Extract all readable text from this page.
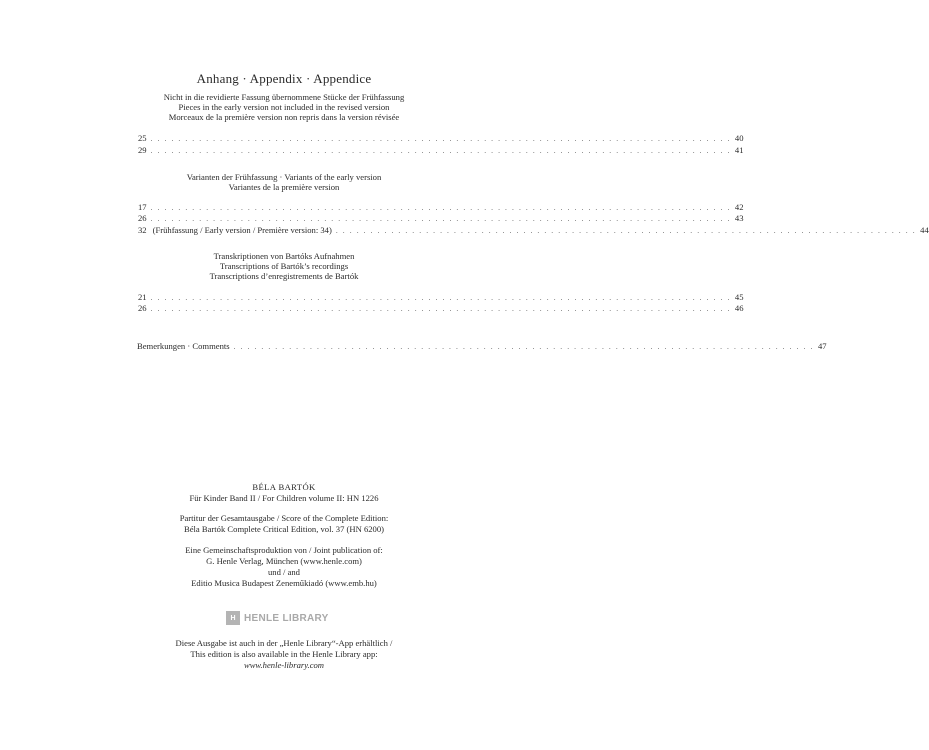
Anhang · Appendix · Appendice
Nicht in die revidierte Fassung übernommene Stücke der Frühfassung
Pieces in the early version not included in the revised version
Morceaux de la première version non repris dans la version révisée
25 . . . . . . . . . . . . . . . . . . . . . . . . . . . . . . . . . . . . . . . . . . . . . . . . . . . . . . . . . . . . . . . . . . . . . . . . . . . . . . . . . . . . 40
29 . . . . . . . . . . . . . . . . . . . . . . . . . . . . . . . . . . . . . . . . . . . . . . . . . . . . . . . . . . . . . . . . . . . . . . . . . . . . . . . . . . . . 41
Varianten der Frühfassung · Variants of the early version
Variantes de la première version
17 . . . . . . . . . . . . . . . . . . . . . . . . . . . . . . . . . . . . . . . . . . . . . . . . . . . . . . . . . . . . . . . . . . . . . . . . . . . . . . . . . . . . 42
26 . . . . . . . . . . . . . . . . . . . . . . . . . . . . . . . . . . . . . . . . . . . . . . . . . . . . . . . . . . . . . . . . . . . . . . . . . . . . . . . . . . . . 43
32 (Frühfassung / Early version / Première version: 34) . . . . . . . . . . . . . . . . . . . . . . . . . . . . . . . . . . . . . . . . . . . . . . . . . . . . . . . . . . . . . . . . . . . . . . . . . . . . . . . . . . . . 44
Transkriptionen von Bartóks Aufnahmen
Transcriptions of Bartók’s recordings
Transcriptions d’enregistrements de Bartók
21 . . . . . . . . . . . . . . . . . . . . . . . . . . . . . . . . . . . . . . . . . . . . . . . . . . . . . . . . . . . . . . . . . . . . . . . . . . . . . . . . . . . . 45
26 . . . . . . . . . . . . . . . . . . . . . . . . . . . . . . . . . . . . . . . . . . . . . . . . . . . . . . . . . . . . . . . . . . . . . . . . . . . . . . . . . . . . 46
Bemerkungen · Comments . . . . . . . . . . . . . . . . . . . . . . . . . . . . . . . . . . . . . . . . . . . . . . . . . . . . . . . . . . . . . . . . . . . . . . . . . . . . . . . . . . . . 47
BÉLA BARTÓK
Für Kinder Band II / For Children volume II: HN 1226
Partitur der Gesamtausgabe / Score of the Complete Edition:
Béla Bartók Complete Critical Edition, vol. 37 (HN 6200)
Eine Gemeinschaftsproduktion von / Joint publication of:
G. Henle Verlag, München (www.henle.com)
und / and
Editio Musica Budapest Zeneműkiadó (www.emb.hu)
H HENLE LIBRARY
Diese Ausgabe ist auch in der „Henle Library“-App erhältlich /
This edition is also available in the Henle Library app:
www.henle-library.com
